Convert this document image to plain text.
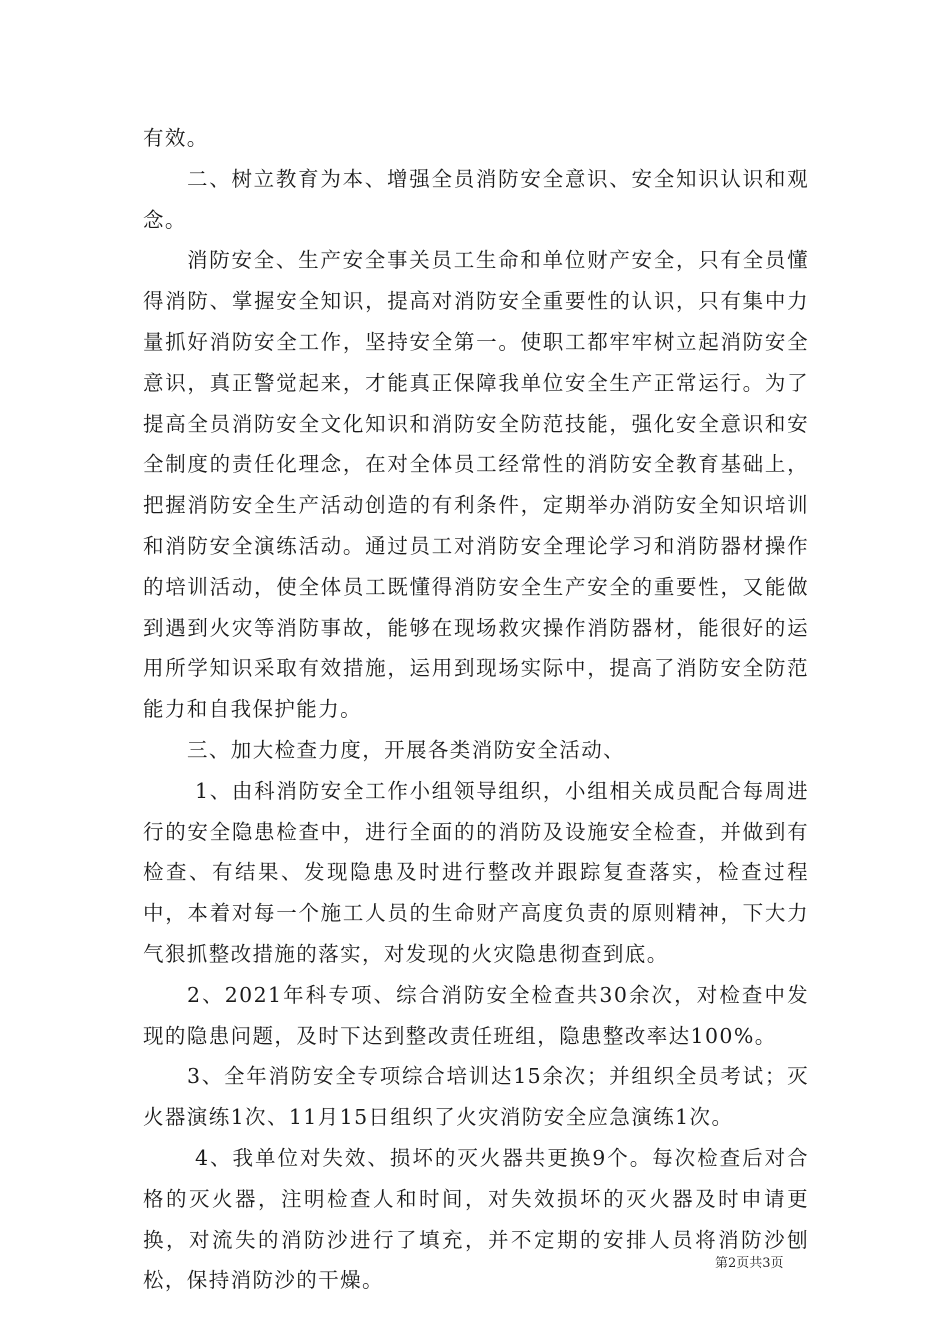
有效。

二、树立教育为本、增强全员消防安全意识、安全知识认识和观念。

消防安全、生产安全事关员工生命和单位财产安全，只有全员懂得消防、掌握安全知识，提高对消防安全重要性的认识，只有集中力量抓好消防安全工作，坚持安全第一。使职工都牢牢树立起消防安全意识，真正警觉起来，才能真正保障我单位安全生产正常运行。为了提高全员消防安全文化知识和消防安全防范技能，强化安全意识和安全制度的责任化理念，在对全体员工经常性的消防安全教育基础上，把握消防安全生产活动创造的有利条件，定期举办消防安全知识培训和消防安全演练活动。通过员工对消防安全理论学习和消防器材操作的培训活动，使全体员工既懂得消防安全生产安全的重要性，又能做到遇到火灾等消防事故，能够在现场救灾操作消防器材，能很好的运用所学知识采取有效措施，运用到现场实际中，提高了消防安全防范能力和自我保护能力。

三、加大检查力度，开展各类消防安全活动、

1、由科消防安全工作小组领导组织，小组相关成员配合每周进行的安全隐患检查中，进行全面的的消防及设施安全检查，并做到有检查、有结果、发现隐患及时进行整改并跟踪复查落实，检查过程中，本着对每一个施工人员的生命财产高度负责的原则精神，下大力气狠抓整改措施的落实，对发现的火灾隐患彻查到底。

2、2021年科专项、综合消防安全检查共30余次，对检查中发现的隐患问题，及时下达到整改责任班组，隐患整改率达100%。

3、全年消防安全专项综合培训达15余次；并组织全员考试；灭火器演练1次、11月15日组织了火灾消防安全应急演练1次。

4、我单位对失效、损坏的灭火器共更换9个。每次检查后对合格的灭火器，注明检查人和时间，对失效损坏的灭火器及时申请更换，对流失的消防沙进行了填充，并不定期的安排人员将消防沙刨松，保持消防沙的干燥。

第2页共3页
